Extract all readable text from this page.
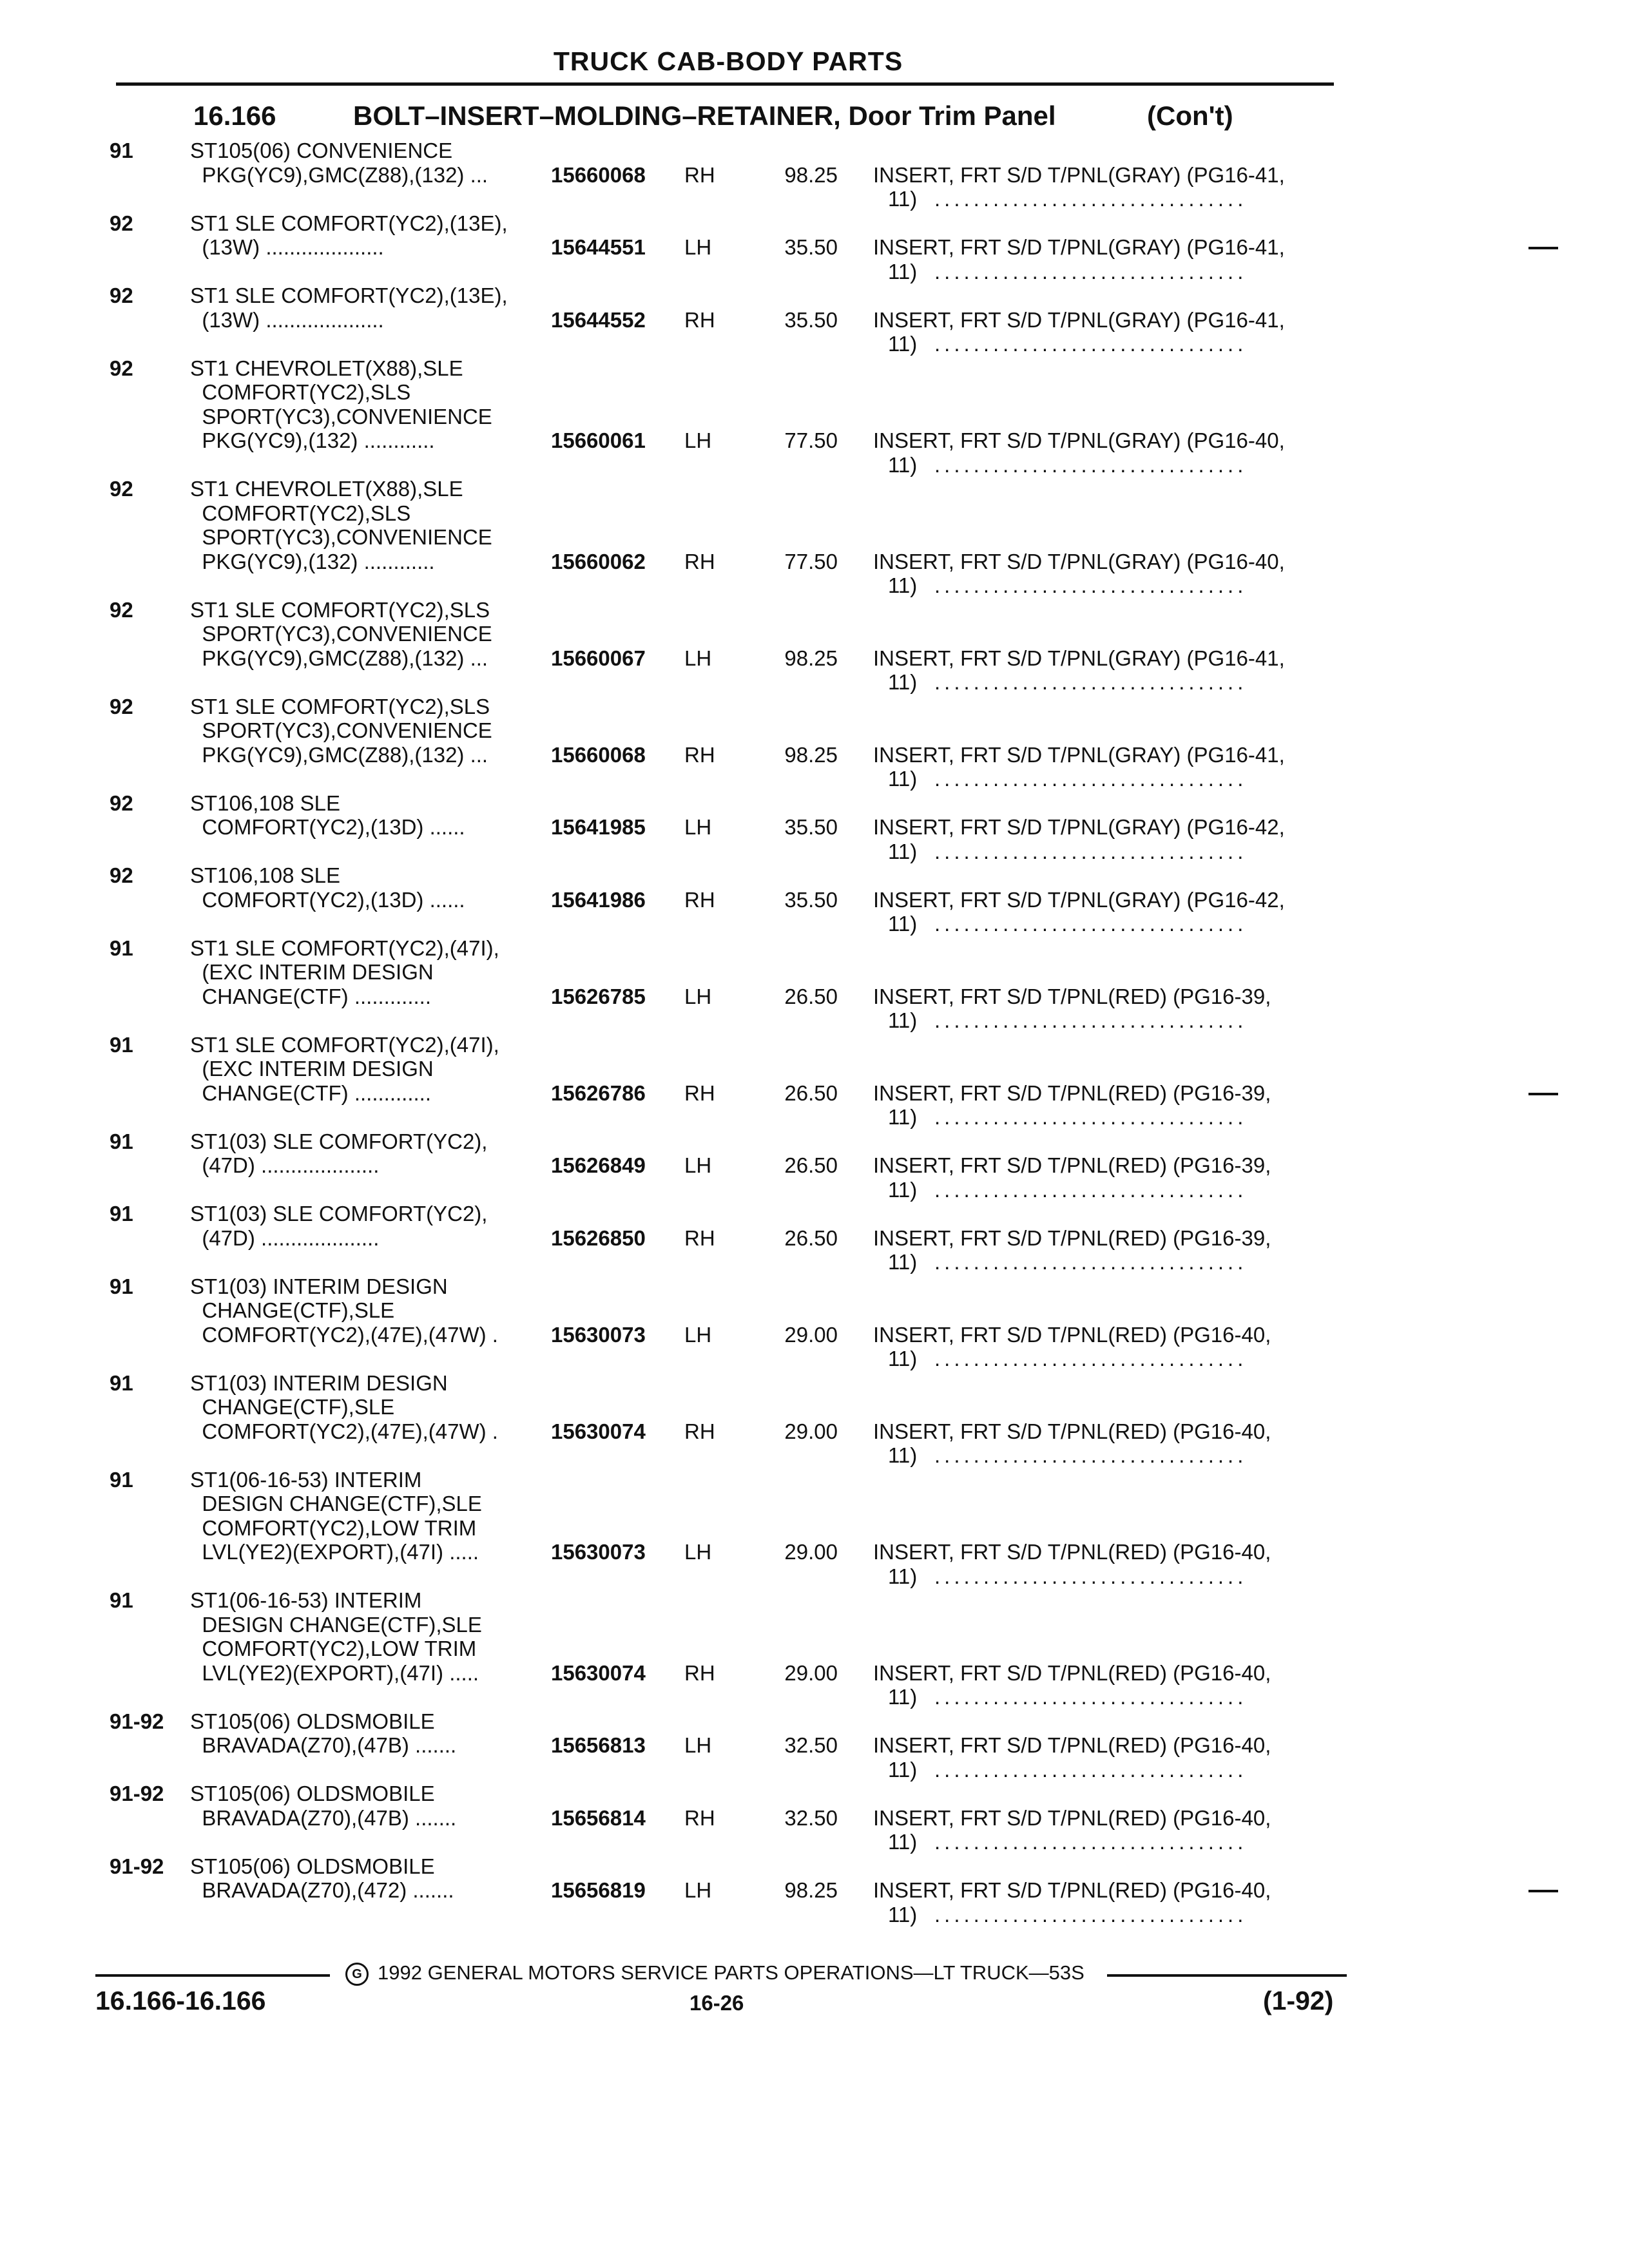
TRUCK CAB-BODY PARTS
16.166	BOLT–INSERT–MOLDING–RETAINER, Door Trim Panel	(Con't)
91	ST105(06) CONVENIENCE
PKG(YC9),GMC(Z88),(132) ...	15660068 RH	98.25 INSERT, FRT S/D T/PNL(GRAY) (PG16-41,
11) ................................
92	ST1 SLE COMFORT(YC2),(13E),
(13W) ....................	15644551 LH	35.50 INSERT, FRT S/D T/PNL(GRAY) (PG16-41,
11) ................................
92	ST1 SLE COMFORT(YC2),(13E),
(13W) ....................	15644552 RH	35.50 INSERT, FRT S/D T/PNL(GRAY) (PG16-41,
11) ................................
92	ST1 CHEVROLET(X88),SLE
COMFORT(YC2),SLS
SPORT(YC3),CONVENIENCE
PKG(YC9),(132) ............	15660061 LH	77.50 INSERT, FRT S/D T/PNL(GRAY) (PG16-40,
11) ................................
92	ST1 CHEVROLET(X88),SLE
COMFORT(YC2),SLS
SPORT(YC3),CONVENIENCE
PKG(YC9),(132) ............	15660062 RH	77.50 INSERT, FRT S/D T/PNL(GRAY) (PG16-40,
11) ................................
92	ST1 SLE COMFORT(YC2),SLS
SPORT(YC3),CONVENIENCE
PKG(YC9),GMC(Z88),(132) ...	15660067 LH	98.25 INSERT, FRT S/D T/PNL(GRAY) (PG16-41,
11) ................................
92	ST1 SLE COMFORT(YC2),SLS
SPORT(YC3),CONVENIENCE
PKG(YC9),GMC(Z88),(132) ...	15660068 RH	98.25 INSERT, FRT S/D T/PNL(GRAY) (PG16-41,
11) ................................
92	ST106,108 SLE
COMFORT(YC2),(13D) ......	15641985 LH	35.50 INSERT, FRT S/D T/PNL(GRAY) (PG16-42,
11) ................................
92	ST106,108 SLE
COMFORT(YC2),(13D) ......	15641986 RH	35.50 INSERT, FRT S/D T/PNL(GRAY) (PG16-42,
11) ................................
91	ST1 SLE COMFORT(YC2),(47I),
(EXC INTERIM DESIGN
CHANGE(CTF) .............	15626785 LH	26.50 INSERT, FRT S/D T/PNL(RED) (PG16-39,
11) ................................
91	ST1 SLE COMFORT(YC2),(47I),
(EXC INTERIM DESIGN
CHANGE(CTF) .............	15626786 RH	26.50 INSERT, FRT S/D T/PNL(RED) (PG16-39,
11) ................................
91	ST1(03) SLE COMFORT(YC2),
(47D) ....................	15626849 LH	26.50 INSERT, FRT S/D T/PNL(RED) (PG16-39,
11) ................................
91	ST1(03) SLE COMFORT(YC2),
(47D) ....................	15626850 RH	26.50 INSERT, FRT S/D T/PNL(RED) (PG16-39,
11) ................................
91	ST1(03) INTERIM DESIGN
CHANGE(CTF),SLE
COMFORT(YC2),(47E),(47W) . 15630073 LH	29.00 INSERT, FRT S/D T/PNL(RED) (PG16-40,
11) ................................
91	ST1(03) INTERIM DESIGN
CHANGE(CTF),SLE
COMFORT(YC2),(47E),(47W) . 15630074 RH	29.00 INSERT, FRT S/D T/PNL(RED) (PG16-40,
11) ................................
91	ST1(06-16-53) INTERIM
DESIGN CHANGE(CTF),SLE
COMFORT(YC2),LOW TRIM
LVL(YE2)(EXPORT),(47I) .....	15630073 LH	29.00 INSERT, FRT S/D T/PNL(RED) (PG16-40,
11) ................................
91	ST1(06-16-53) INTERIM
DESIGN CHANGE(CTF),SLE
COMFORT(YC2),LOW TRIM
LVL(YE2)(EXPORT),(47I) .....	15630074 RH	29.00 INSERT, FRT S/D T/PNL(RED) (PG16-40,
11) ................................
91-92 ST105(06) OLDSMOBILE
BRAVADA(Z70),(47B) .......	15656813 LH	32.50 INSERT, FRT S/D T/PNL(RED) (PG16-40,
11) ................................
91-92 ST105(06) OLDSMOBILE
BRAVADA(Z70),(47B) .......	15656814 RH	32.50 INSERT, FRT S/D T/PNL(RED) (PG16-40,
11) ................................
91-92 ST105(06) OLDSMOBILE
BRAVADA(Z70),(472) .......	15656819 LH	98.25 INSERT, FRT S/D T/PNL(RED) (PG16-40,
11) ................................
G 1992 GENERAL MOTORS SERVICE PARTS OPERATIONS—LT TRUCK—53S
16.166-16.166	16-26	(1-92)
